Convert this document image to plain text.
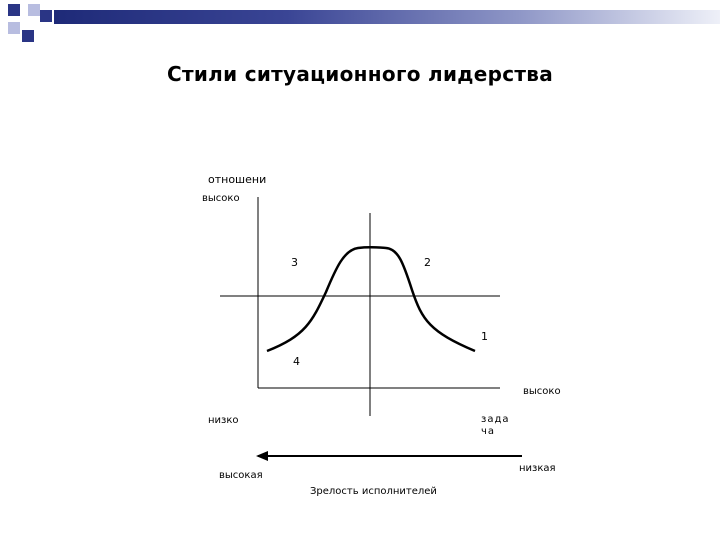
Стили ситуационного лидерства
отношени
высоко
3	2
1
4
высоко
низко	задача
высокая
низкая
Зрелость исполнителей
